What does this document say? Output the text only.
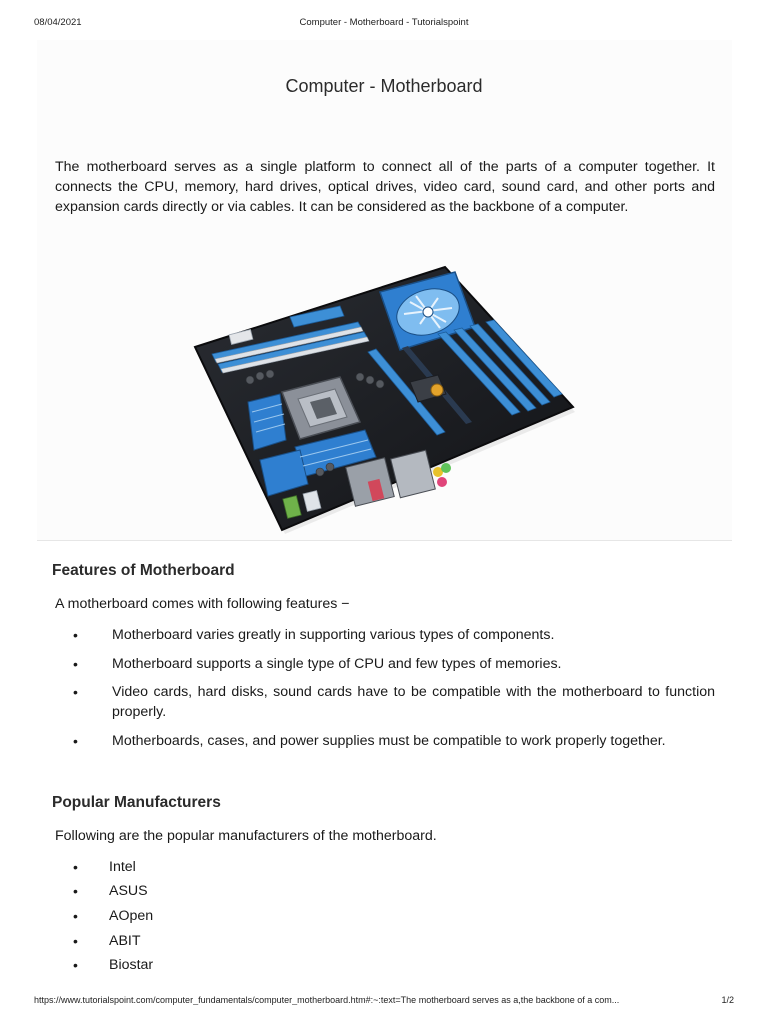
08/04/2021	Computer - Motherboard - Tutorialspoint
Computer - Motherboard

The motherboard serves as a single platform to connect all of the parts of a computer together. It connects the CPU, memory, hard drives, optical drives, video card, sound card, and other ports and expansion cards directly or via cables. It can be considered as the backbone of a computer.

Features of Motherboard

A motherboard comes with following features −

• Motherboard varies greatly in supporting various types of components.
• Motherboard supports a single type of CPU and few types of memories.
• Video cards, hard disks, sound cards have to be compatible with the motherboard to function properly.
• Motherboards, cases, and power supplies must be compatible to work properly together.
Popular Manufacturers

Following are the popular manufacturers of the motherboard.

• Intel
• ASUS
• AOpen
• ABIT
• Biostar
https://www.tutorialspoint.com/computer_fundamentals/computer_motherboard.htm#:~:text=The motherboard serves as a,the backbone of a com...	1/2
